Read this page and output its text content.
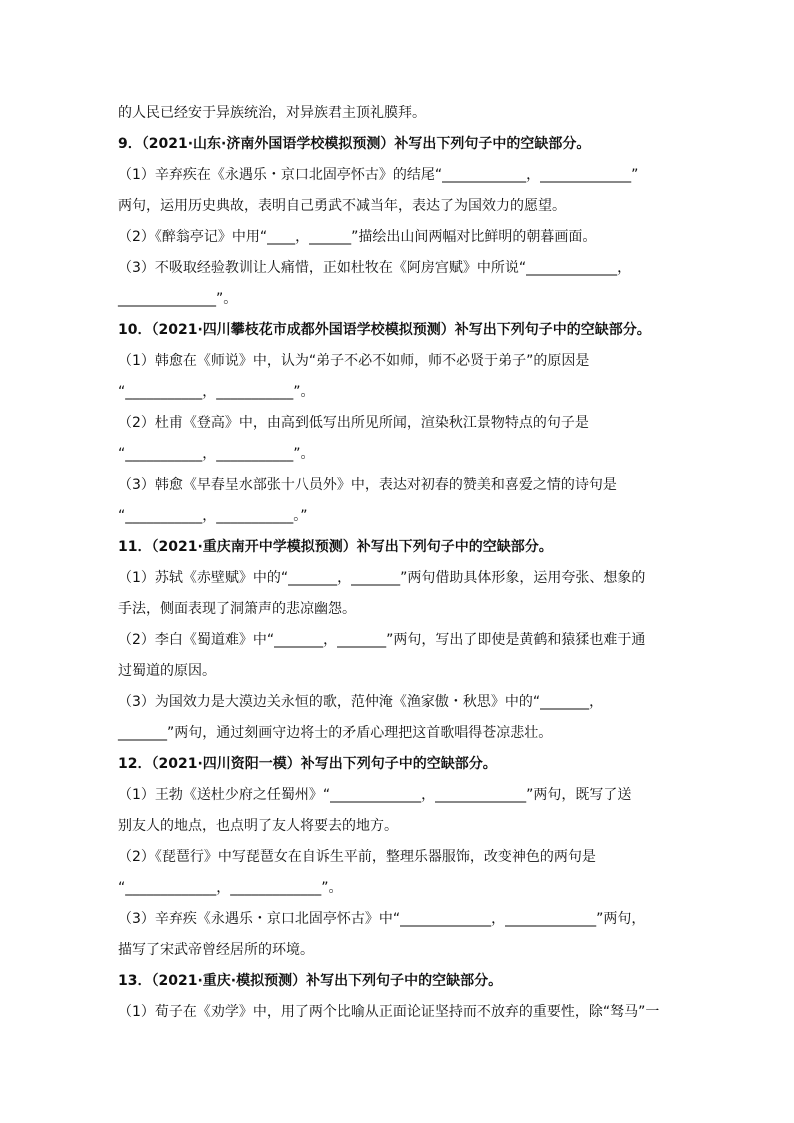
的人民已经安于异族统治，对异族君主顶礼膜拜。
9．（2021·山东·济南外国语学校模拟预测）补写出下列句子中的空缺部分。
（1）辛弃疾在《永遇乐・京口北固亭怀古》的结尾“____________，_____________”
两句，运用历史典故，表明自己勇武不减当年，表达了为国效力的愿望。
（2）《醉翁亭记》中用“____，______”描绘出山间两幅对比鲜明的朝暮画面。
（3）不吸取经验教训让人痛惜，正如杜牧在《阿房宫赋》中所说“_____________，
______________”。
10．（2021·四川攀枝花市成都外国语学校模拟预测）补写出下列句子中的空缺部分。
（1）韩愈在《师说》中，认为“弟子不必不如师，师不必贤于弟子”的原因是
“___________，___________”。
（2）杜甫《登高》中，由高到低写出所见所闻，渲染秋江景物特点的句子是
“___________，___________”。
（3）韩愈《早春呈水部张十八员外》中，表达对初春的赞美和喜爱之情的诗句是
“___________，___________。”
11．（2021·重庆南开中学模拟预测）补写出下列句子中的空缺部分。
（1）苏轼《赤壁赋》中的“_______，_______”两句借助具体形象，运用夸张、想象的
手法，侧面表现了洞箫声的悲凉幽怨。
（2）李白《蜀道难》中“_______，_______”两句，写出了即使是黄鹤和猿猱也难于通
过蜀道的原因。
（3）为国效力是大漠边关永恒的歌，范仲淹《渔家傲・秋思》中的“_______，
_______”两句，通过刻画守边将士的矛盾心理把这首歌唱得苍凉悲壮。
12．（2021·四川资阳一模）补写出下列句子中的空缺部分。
（1）王勃《送杜少府之任蜀州》“_____________，_____________”两句，既写了送
别友人的地点，也点明了友人将要去的地方。
（2）《琵琶行》中写琵琶女在自诉生平前，整理乐器服饰，改变神色的两句是
“_____________，_____________”。
（3）辛弃疾《永遇乐・京口北固亭怀古》中“_____________，_____________”两句，
描写了宋武帝曾经居所的环境。
13．（2021·重庆·模拟预测）补写出下列句子中的空缺部分。
（1）荀子在《劝学》中，用了两个比喻从正面论证坚持而不放弃的重要性，除“驽马”一
